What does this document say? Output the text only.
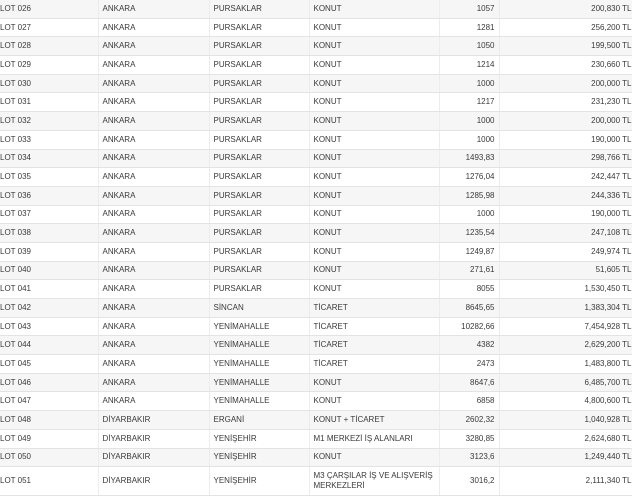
LOT 026	ANKARA	PURSAKLAR	KONUT	1057	200,830 TL
LOT 027	ANKARA	PURSAKLAR	KONUT	1281	256,200 TL
LOT 028	ANKARA	PURSAKLAR	KONUT	1050	199,500 TL
LOT 029	ANKARA	PURSAKLAR	KONUT	1214	230,660 TL
LOT 030	ANKARA	PURSAKLAR	KONUT	1000	200,000 TL
LOT 031	ANKARA	PURSAKLAR	KONUT	1217	231,230 TL
LOT 032	ANKARA	PURSAKLAR	KONUT	1000	200,000 TL
LOT 033	ANKARA	PURSAKLAR	KONUT	1000	190,000 TL
LOT 034	ANKARA	PURSAKLAR	KONUT	1493,83	298,766 TL
LOT 035	ANKARA	PURSAKLAR	KONUT	1276,04	242,447 TL
LOT 036	ANKARA	PURSAKLAR	KONUT	1285,98	244,336 TL
LOT 037	ANKARA	PURSAKLAR	KONUT	1000	190,000 TL
LOT 038	ANKARA	PURSAKLAR	KONUT	1235,54	247,108 TL
LOT 039	ANKARA	PURSAKLAR	KONUT	1249,87	249,974 TL
LOT 040	ANKARA	PURSAKLAR	KONUT	271,61	51,605 TL
LOT 041	ANKARA	PURSAKLAR	KONUT	8055	1,530,450 TL
LOT 042	ANKARA	SİNCAN	TİCARET	8645,65	1,383,304 TL
LOT 043	ANKARA	YENİMAHALLE	TİCARET	10282,66	7,454,928 TL
LOT 044	ANKARA	YENİMAHALLE	TİCARET	4382	2,629,200 TL
LOT 045	ANKARA	YENİMAHALLE	TİCARET	2473	1,483,800 TL
LOT 046	ANKARA	YENİMAHALLE	KONUT	8647,6	6,485,700 TL
LOT 047	ANKARA	YENİMAHALLE	KONUT	6858	4,800,600 TL
LOT 048	DİYARBAKIR	ERGANİ	KONUT + TİCARET	2602,32	1,040,928 TL
LOT 049	DİYARBAKIR	YENİŞEHİR	M1 MERKEZİ İŞ ALANLARI	3280,85	2,624,680 TL
LOT 050	DİYARBAKIR	YENİŞEHİR	KONUT	3123,6	1,249,440 TL
LOT 051	DİYARBAKIR	YENİŞEHİR	M3 ÇARŞILAR İŞ VE ALIŞVERİŞ MERKEZLERİ	3016,2	2,111,340 TL
